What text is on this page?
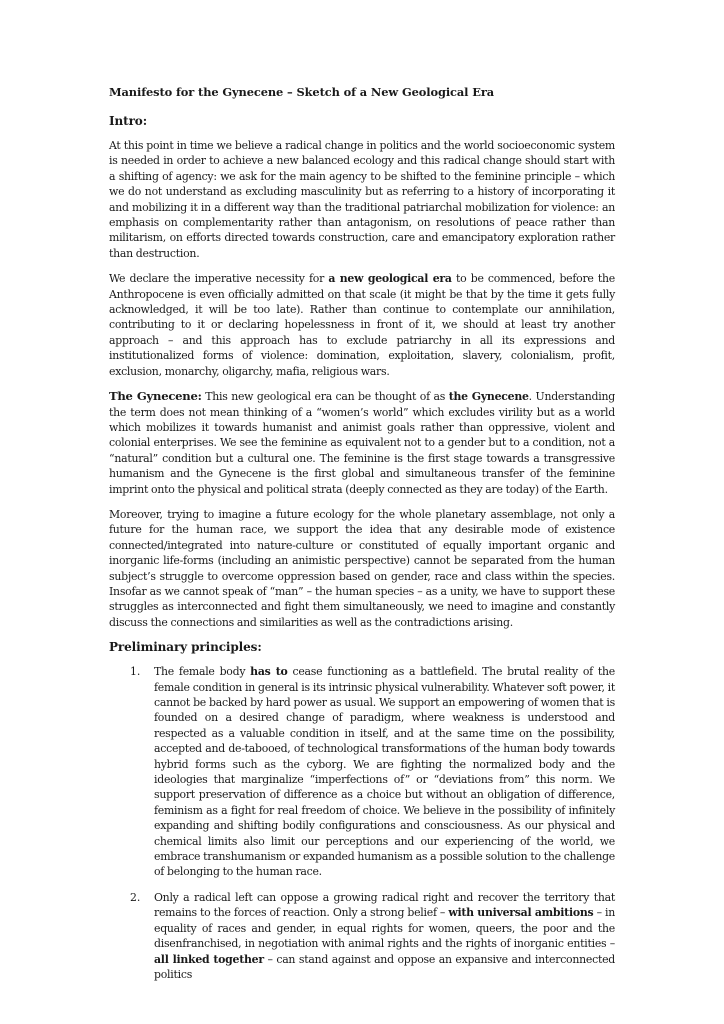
Manifesto for the Gynecene – Sketch of a New Geological Era
Intro:

At this point in time we believe a radical change in politics and the world socioeconomic system is needed in order to achieve a new balanced ecology and this radical change should start with a shifting of agency: we ask for the main agency to be shifted to the feminine principle – which we do not understand as excluding masculinity but as referring to a history of incorporating it and mobilizing it in a different way than the traditional patriarchal mobilization for violence: an emphasis on complementarity rather than antagonism, on resolutions of peace rather than militarism, on efforts directed towards construction, care and emancipatory exploration rather than destruction.

We declare the imperative necessity for a new geological era to be commenced, before the Anthropocene is even officially admitted on that scale (it might be that by the time it gets fully acknowledged, it will be too late). Rather than continue to contemplate our annihilation, contributing to it or declaring hopelessness in front of it, we should at least try another approach – and this approach has to exclude patriarchy in all its expressions and institutionalized forms of violence: domination, exploitation, slavery, colonialism, profit, exclusion, monarchy, oligarchy, mafia, religious wars.

The Gynecene: This new geological era can be thought of as the Gynecene. Understanding the term does not mean thinking of a “women’s world” which excludes virility but as a world which mobilizes it towards humanist and animist goals rather than oppressive, violent and colonial enterprises. We see the feminine as equivalent not to a gender but to a condition, not a “natural” condition but a cultural one. The feminine is the first stage towards a transgressive humanism and the Gynecene is the first global and simultaneous transfer of the feminine imprint onto the physical and political strata (deeply connected as they are today) of the Earth.

Moreover, trying to imagine a future ecology for the whole planetary assemblage, not only a future for the human race, we support the idea that any desirable mode of existence connected/integrated into nature-culture or constituted of equally important organic and inorganic life-forms (including an animistic perspective) cannot be separated from the human subject’s struggle to overcome oppression based on gender, race and class within the species. Insofar as we cannot speak of “man” – the human species – as a unity, we have to support these struggles as interconnected and fight them simultaneously, we need to imagine and constantly discuss the connections and similarities as well as the contradictions arising.

Preliminary principles:
1. The female body has to cease functioning as a battlefield. The brutal reality of the female condition in general is its intrinsic physical vulnerability. Whatever soft power, it cannot be backed by hard power as usual. We support an empowering of women that is founded on a desired change of paradigm, where weakness is understood and respected as a valuable condition in itself, and at the same time on the possibility, accepted and de-tabooed, of technological transformations of the human body towards hybrid forms such as the cyborg. We are fighting the normalized body and the ideologies that marginalize “imperfections of” or “deviations from” this norm. We support preservation of difference as a choice but without an obligation of difference, feminism as a fight for real freedom of choice. We believe in the possibility of infinitely expanding and shifting bodily configurations and consciousness. As our physical and chemical limits also limit our perceptions and our experiencing of the world, we embrace transhumanism or expanded humanism as a possible solution to the challenge of belonging to the human race.

2. Only a radical left can oppose a growing radical right and recover the territory that remains to the forces of reaction. Only a strong belief – with universal ambitions – in equality of races and gender, in equal rights for women, queers, the poor and the disenfranchised, in negotiation with animal rights and the rights of inorganic entities – all linked together – can stand against and oppose an expansive and interconnected politics
